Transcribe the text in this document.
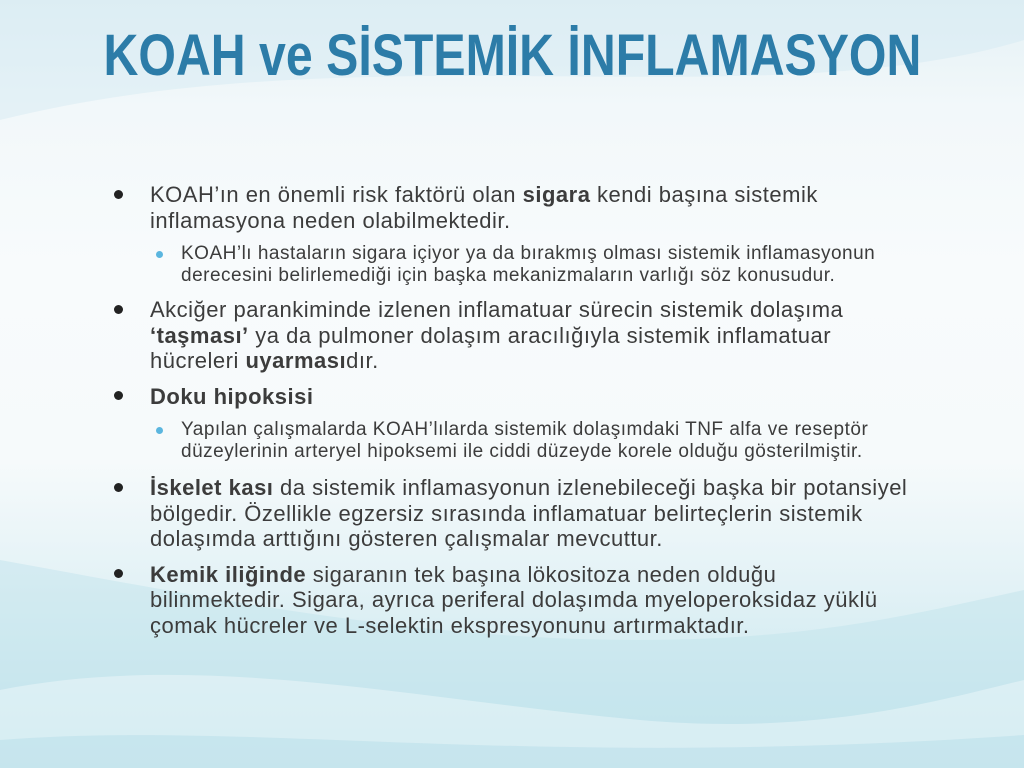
KOAH ve SİSTEMİK İNFLAMASYON
KOAH’ın en önemli risk faktörü olan sigara kendi başına sistemik
inflamasyona neden olabilmektedir.
KOAH’lı hastaların sigara içiyor ya da bırakmış olması sistemik inflamasyonun
derecesini belirlemediği için başka mekanizmaların varlığı söz konusudur.
Akciğer parankiminde izlenen inflamatuar sürecin sistemik dolaşıma
‘taşması’ ya da pulmoner dolaşım aracılığıyla sistemik inflamatuar
hücreleri uyarmasıdır.
Doku hipoksisi
Yapılan çalışmalarda KOAH’lılarda sistemik dolaşımdaki TNF alfa ve reseptör
düzeylerinin arteryel hipoksemi ile ciddi düzeyde korele olduğu gösterilmiştir.
İskelet kası da sistemik inflamasyonun izlenebileceği başka bir potansiyel
bölgedir. Özellikle egzersiz sırasında inflamatuar belirteçlerin sistemik
dolaşımda arttığını gösteren çalışmalar mevcuttur.
Kemik iliğinde sigaranın tek başına lökositoza neden olduğu
bilinmektedir. Sigara, ayrıca periferal dolaşımda myeloperoksidaz yüklü
çomak hücreler ve L-selektin ekspresyonunu artırmaktadır.
